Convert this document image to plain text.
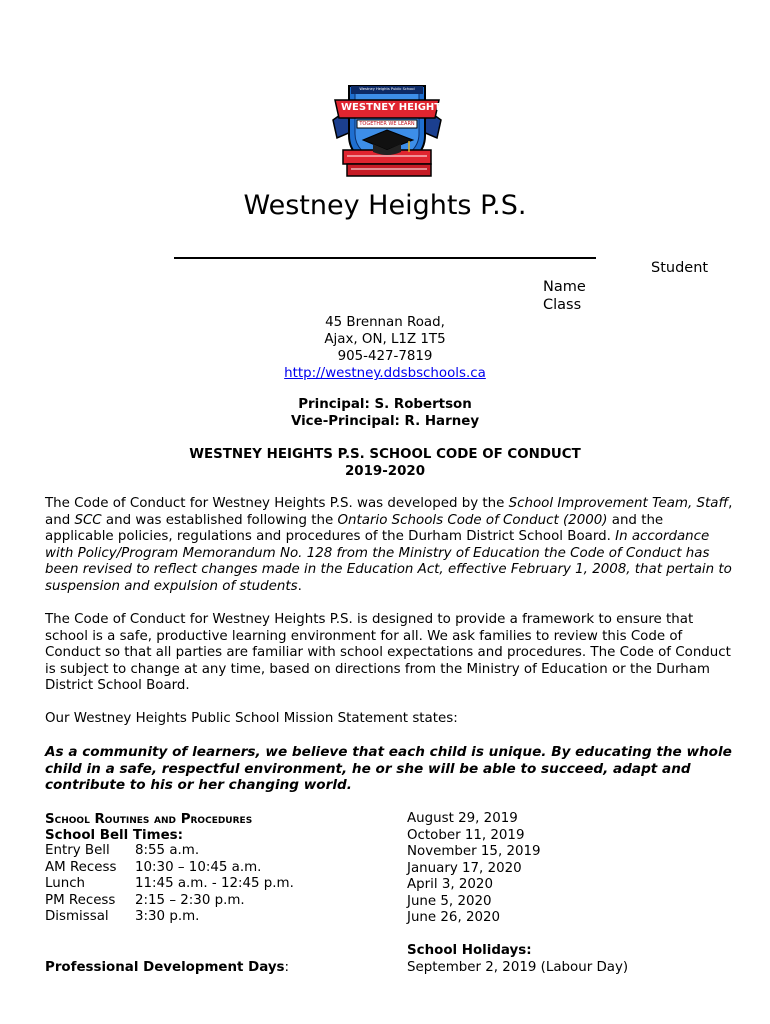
WESTNEY HEIGHTS PS
Westney Heights Public School
TOGETHER WE LEARN
Westney Heights P.S.
Student
Name
Class
45 Brennan Road,
Ajax, ON, L1Z 1T5
905-427-7819
http://westney.ddsbschools.ca
Principal: S. Robertson
Vice-Principal: R. Harney
WESTNEY HEIGHTS P.S. SCHOOL CODE OF CONDUCT
2019-2020
The Code of Conduct for Westney Heights P.S. was developed by the School Improvement Team, Staff, and SCC and was established following the Ontario Schools Code of Conduct (2000) and the applicable policies, regulations and procedures of the Durham District School Board. In accordance with Policy/Program Memorandum No. 128 from the Ministry of Education the Code of Conduct has been revised to reflect changes made in the Education Act, effective February 1, 2008, that pertain to suspension and expulsion of students.
The Code of Conduct for Westney Heights P.S. is designed to provide a framework to ensure that school is a safe, productive learning environment for all. We ask families to review this Code of Conduct so that all parties are familiar with school expectations and procedures. The Code of Conduct is subject to change at any time, based on directions from the Ministry of Education or the Durham District School Board.
Our Westney Heights Public School Mission Statement states:
As a community of learners, we believe that each child is unique. By educating the whole child in a safe, respectful environment, he or she will be able to succeed, adapt and contribute to his or her changing world.
School Routines and Procedures
School Bell Times:
Entry Bell	8:55 a.m.
AM Recess	10:30 – 10:45 a.m.
Lunch	11:45 a.m. - 12:45 p.m.
PM Recess	2:15 – 2:30 p.m.
Dismissal	3:30 p.m.
Professional Development Days:
August 29, 2019
October 11, 2019
November 15, 2019
January 17, 2020
April 3, 2020
June 5, 2020
June 26, 2020
School Holidays:
September 2, 2019 (Labour Day)
